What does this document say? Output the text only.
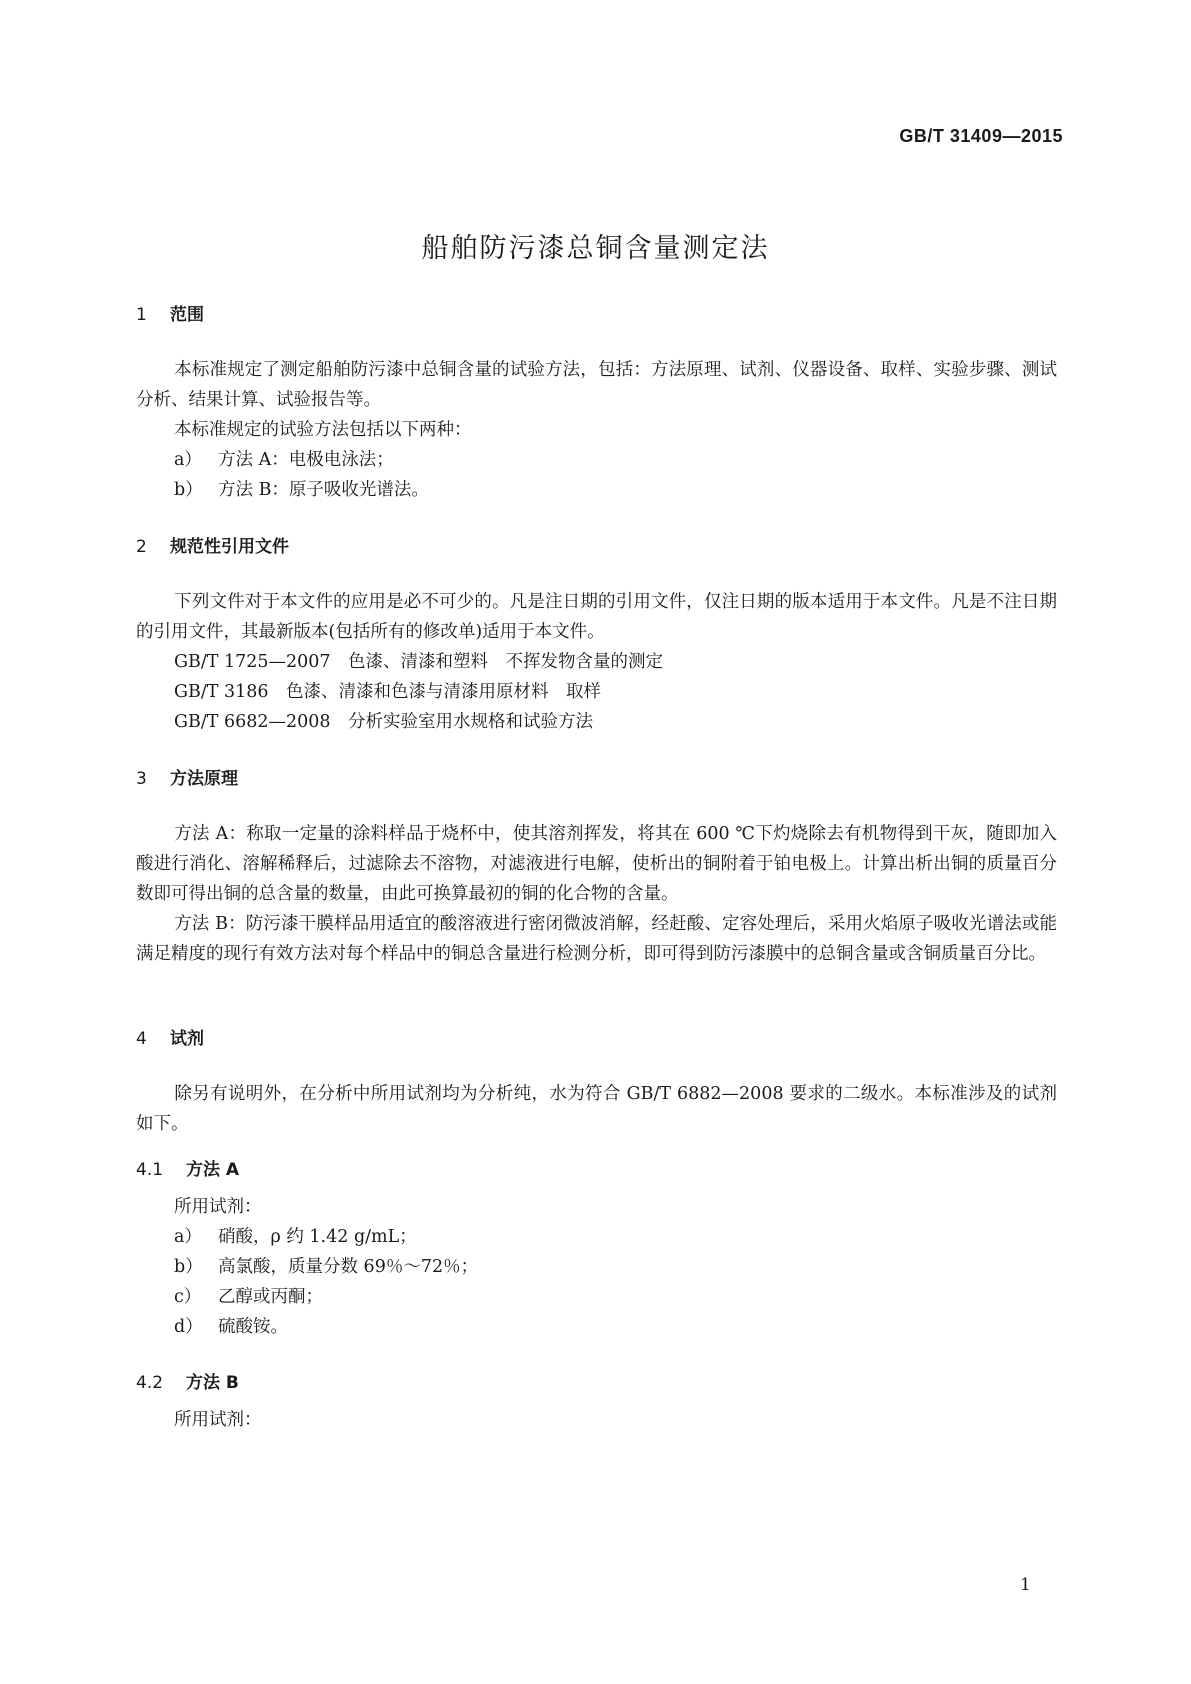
GB/T 31409—2015
船舶防污漆总铜含量测定法
1 范围
本标准规定了测定船舶防污漆中总铜含量的试验方法，包括：方法原理、试剂、仪器设备、取样、实验步骤、测试分析、结果计算、试验报告等。
本标准规定的试验方法包括以下两种：
a） 方法 A：电极电泳法；
b） 方法 B：原子吸收光谱法。
2 规范性引用文件
下列文件对于本文件的应用是必不可少的。凡是注日期的引用文件，仅注日期的版本适用于本文件。凡是不注日期的引用文件，其最新版本(包括所有的修改单)适用于本文件。
GB/T 1725—2007　色漆、清漆和塑料　不挥发物含量的测定
GB/T 3186　色漆、清漆和色漆与清漆用原材料　取样
GB/T 6682—2008　分析实验室用水规格和试验方法
3 方法原理
方法 A：称取一定量的涂料样品于烧杯中，使其溶剂挥发，将其在 600 ℃下灼烧除去有机物得到干灰，随即加入酸进行消化、溶解稀释后，过滤除去不溶物，对滤液进行电解，使析出的铜附着于铂电极上。计算出析出铜的质量百分数即可得出铜的总含量的数量，由此可换算最初的铜的化合物的含量。
方法 B：防污漆干膜样品用适宜的酸溶液进行密闭微波消解，经赶酸、定容处理后，采用火焰原子吸收光谱法或能满足精度的现行有效方法对每个样品中的铜总含量进行检测分析，即可得到防污漆膜中的总铜含量或含铜质量百分比。
4 试剂
除另有说明外，在分析中所用试剂均为分析纯，水为符合 GB/T 6882—2008 要求的二级水。本标准涉及的试剂如下。
4.1 方法 A
所用试剂：
a） 硝酸，ρ 约 1.42 g/mL；
b） 高氯酸，质量分数 69％～72％；
c） 乙醇或丙酮；
d） 硫酸铵。
4.2 方法 B
所用试剂：
1
